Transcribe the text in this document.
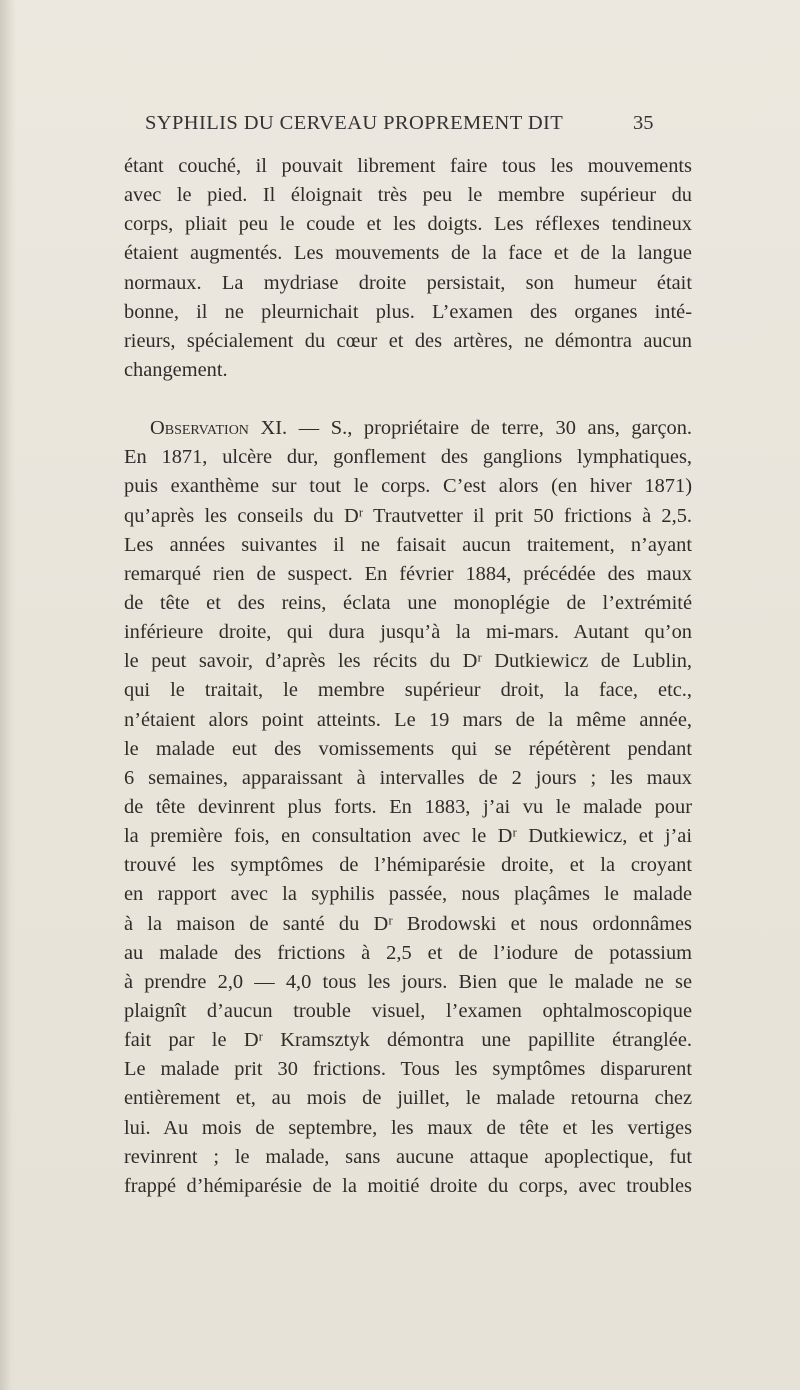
SYPHILIS DU CERVEAU PROPREMENT DIT	35
étant couché, il pouvait librement faire tous les mouvements
avec le pied. Il éloignait très peu le membre supérieur du
corps, pliait peu le coude et les doigts. Les réflexes tendineux
étaient augmentés. Les mouvements de la face et de la langue
normaux. La mydriase droite persistait, son humeur était
bonne, il ne pleurnichait plus. L’examen des organes inté-
rieurs, spécialement du cœur et des artères, ne démontra aucun
changement.
Observation XI. — S., propriétaire de terre, 30 ans, garçon.
En 1871, ulcère dur, gonflement des ganglions lymphatiques,
puis exanthème sur tout le corps. C’est alors (en hiver 1871)
qu’après les conseils du Dʳ Trautvetter il prit 50 frictions à 2,5.
Les années suivantes il ne faisait aucun traitement, n’ayant
remarqué rien de suspect. En février 1884, précédée des maux
de tête et des reins, éclata une monoplégie de l’extrémité
inférieure droite, qui dura jusqu’à la mi-mars. Autant qu’on
le peut savoir, d’après les récits du Dʳ Dutkiewicz de Lublin,
qui le traitait, le membre supérieur droit, la face, etc.,
n’étaient alors point atteints. Le 19 mars de la même année,
le malade eut des vomissements qui se répétèrent pendant
6 semaines, apparaissant à intervalles de 2 jours ; les maux
de tête devinrent plus forts. En 1883, j’ai vu le malade pour
la première fois, en consultation avec le Dʳ Dutkiewicz, et j’ai
trouvé les symptômes de l’hémiparésie droite, et la croyant
en rapport avec la syphilis passée, nous plaçâmes le malade
à la maison de santé du Dʳ Brodowski et nous ordonnâmes
au malade des frictions à 2,5 et de l’iodure de potassium
à prendre 2,0 — 4,0 tous les jours. Bien que le malade ne se
plaignît d’aucun trouble visuel, l’examen ophtalmoscopique
fait par le Dʳ Kramsztyk démontra une papillite étranglée.
Le malade prit 30 frictions. Tous les symptômes disparurent
entièrement et, au mois de juillet, le malade retourna chez
lui. Au mois de septembre, les maux de tête et les vertiges
revinrent ; le malade, sans aucune attaque apoplectique, fut
frappé d’hémiparésie de la moitié droite du corps, avec troubles
